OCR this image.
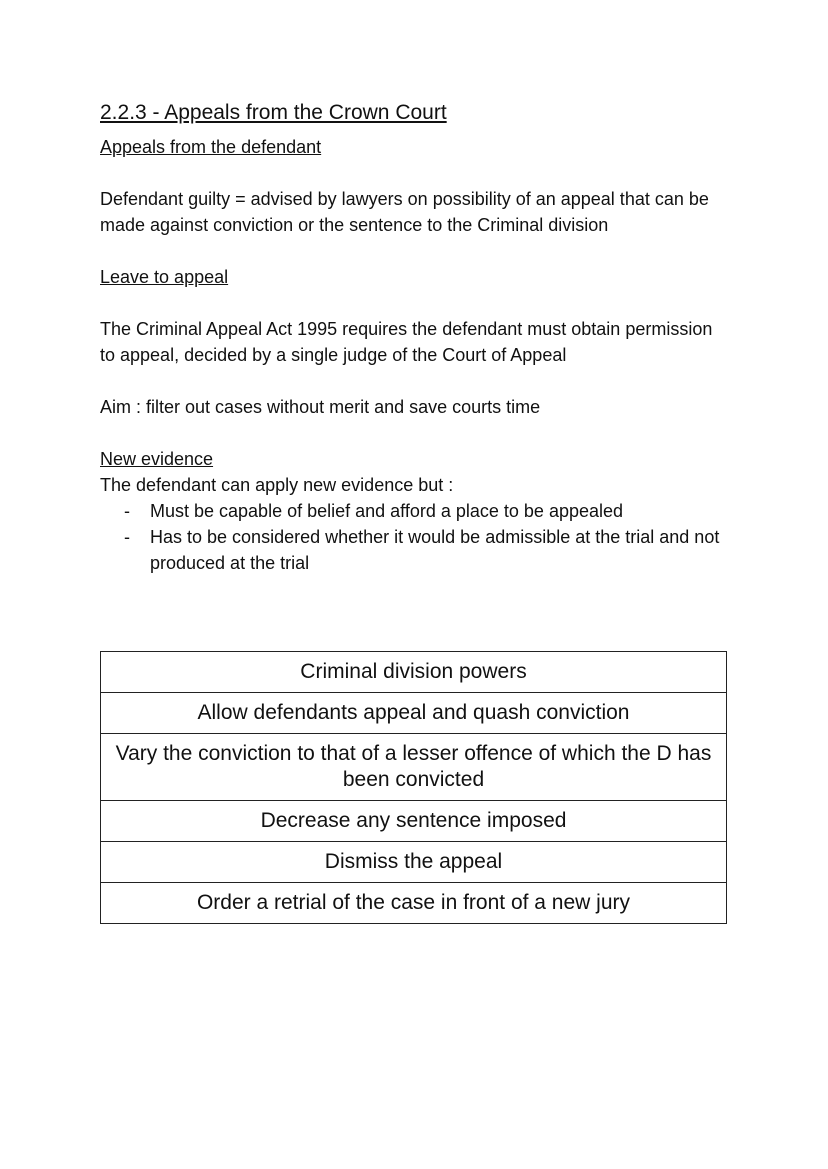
2.2.3 - Appeals from the Crown Court
Appeals from the defendant

Defendant guilty = advised by lawyers on possibility of an appeal that can be made against conviction or the sentence to the Criminal division

Leave to appeal

The Criminal Appeal Act 1995 requires the defendant must obtain permission to appeal, decided by a single judge of the Court of Appeal

Aim : filter out cases without merit and save courts time

New evidence

The defendant can apply new evidence but :

- Must be capable of belief and afford a place to be appealed
- Has to be considered whether it would be admissible at the trial and not produced at the trial
Criminal division powers
Allow defendants appeal and quash conviction
Vary the conviction to that of a lesser offence of which the D has been convicted
Decrease any sentence imposed
Dismiss the appeal
Order a retrial of the case in front of a new jury
